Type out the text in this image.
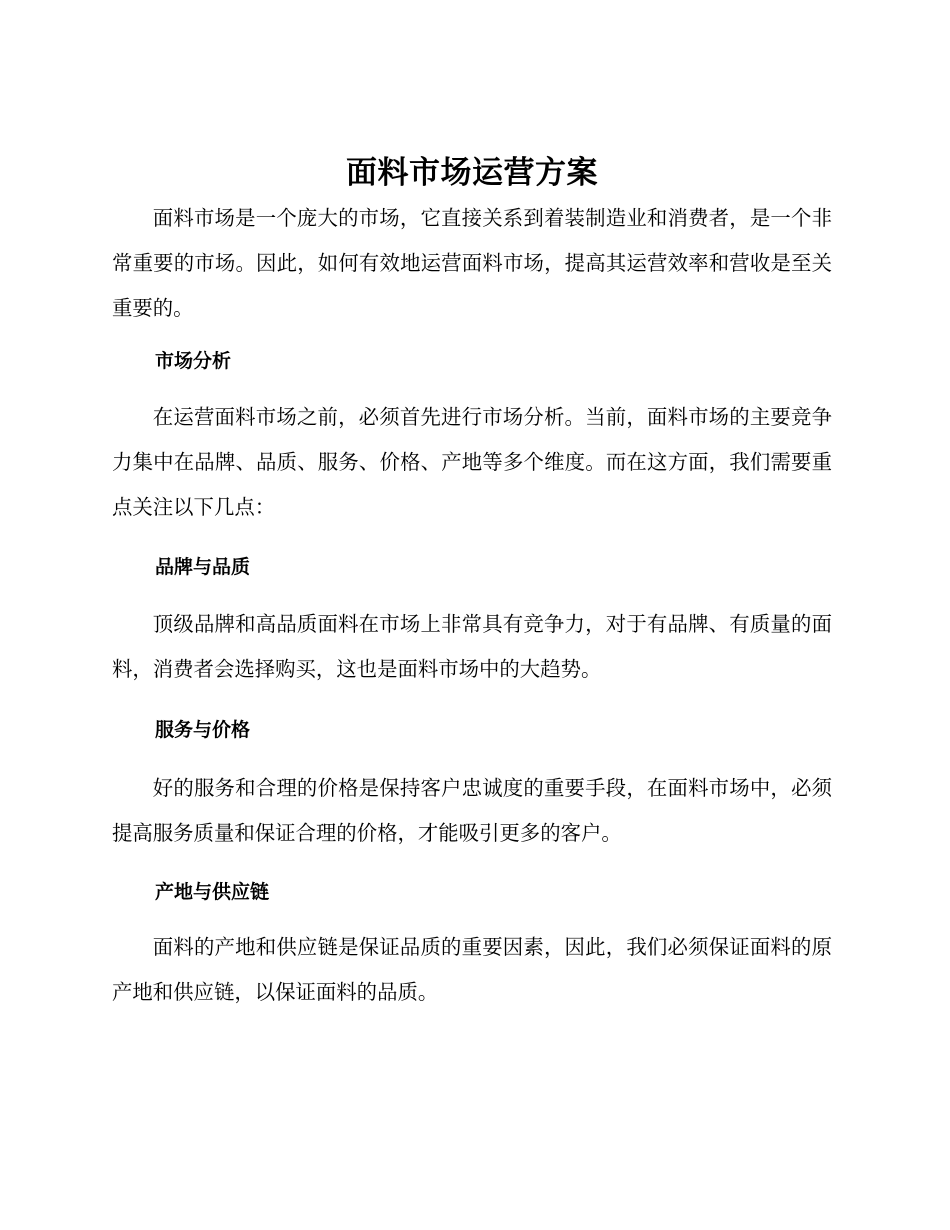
面料市场运营方案

面料市场是一个庞大的市场，它直接关系到着装制造业和消费者，是一个非常重要的市场。因此，如何有效地运营面料市场，提高其运营效率和营收是至关重要的。

市场分析

在运营面料市场之前，必须首先进行市场分析。当前，面料市场的主要竞争力集中在品牌、品质、服务、价格、产地等多个维度。而在这方面，我们需要重点关注以下几点：

品牌与品质

顶级品牌和高品质面料在市场上非常具有竞争力，对于有品牌、有质量的面料，消费者会选择购买，这也是面料市场中的大趋势。

服务与价格

好的服务和合理的价格是保持客户忠诚度的重要手段，在面料市场中，必须提高服务质量和保证合理的价格，才能吸引更多的客户。

产地与供应链

面料的产地和供应链是保证品质的重要因素，因此，我们必须保证面料的原产地和供应链，以保证面料的品质。
